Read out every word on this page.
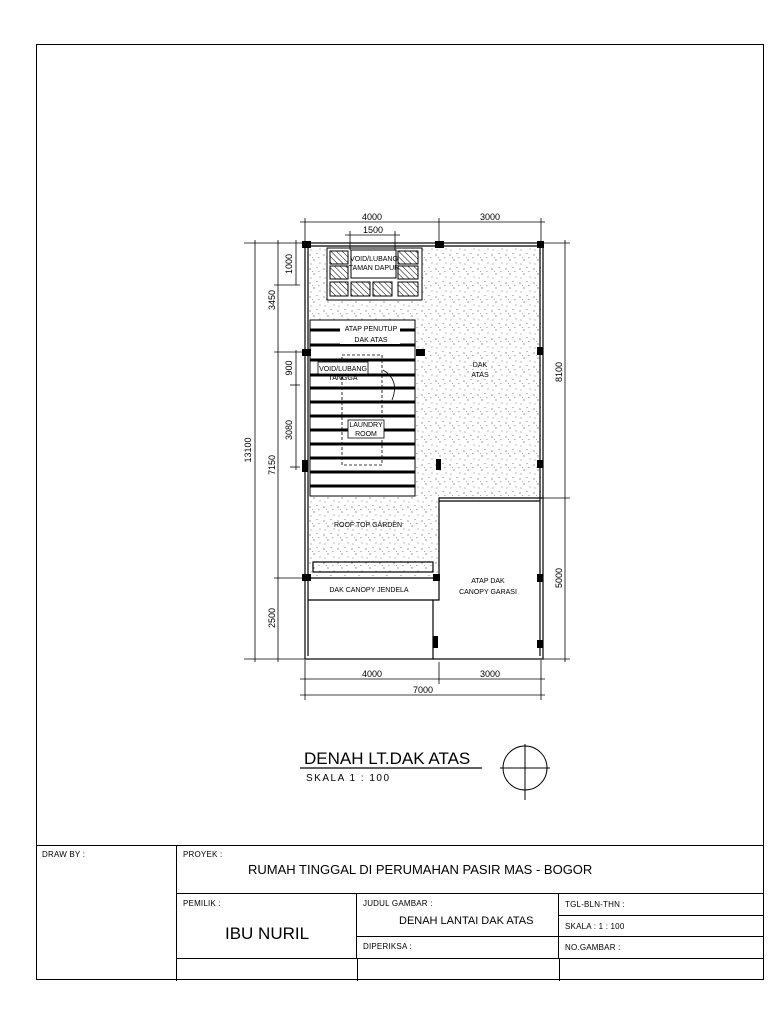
4000
1500
3000
4000	3000
7000
1000
3450
900
3080
7150
13100
2500
8100
5000
VOID/LUBANG
TAMAN DAPUR
ATAP PENUTUP
DAK ATAS
VOID/LUBANG
TANGGA
LAUNDRY
ROOM
DAK
ATAS
ROOF TOP GARDEN
DAK CANOPY JENDELA
ATAP DAK
CANOPY GARASI
DENAH LT.DAK ATAS
SKALA 1 : 100
DRAW BY :	PROYEK :
RUMAH TINGGAL DI PERUMAHAN PASIR MAS - BOGOR
PEMILIK :
IBU NURIL
JUDUL GAMBAR :
DENAH LANTAI DAK ATAS
DIPERIKSA :
TGL-BLN-THN :
SKALA : 1 : 100
NO.GAMBAR :
